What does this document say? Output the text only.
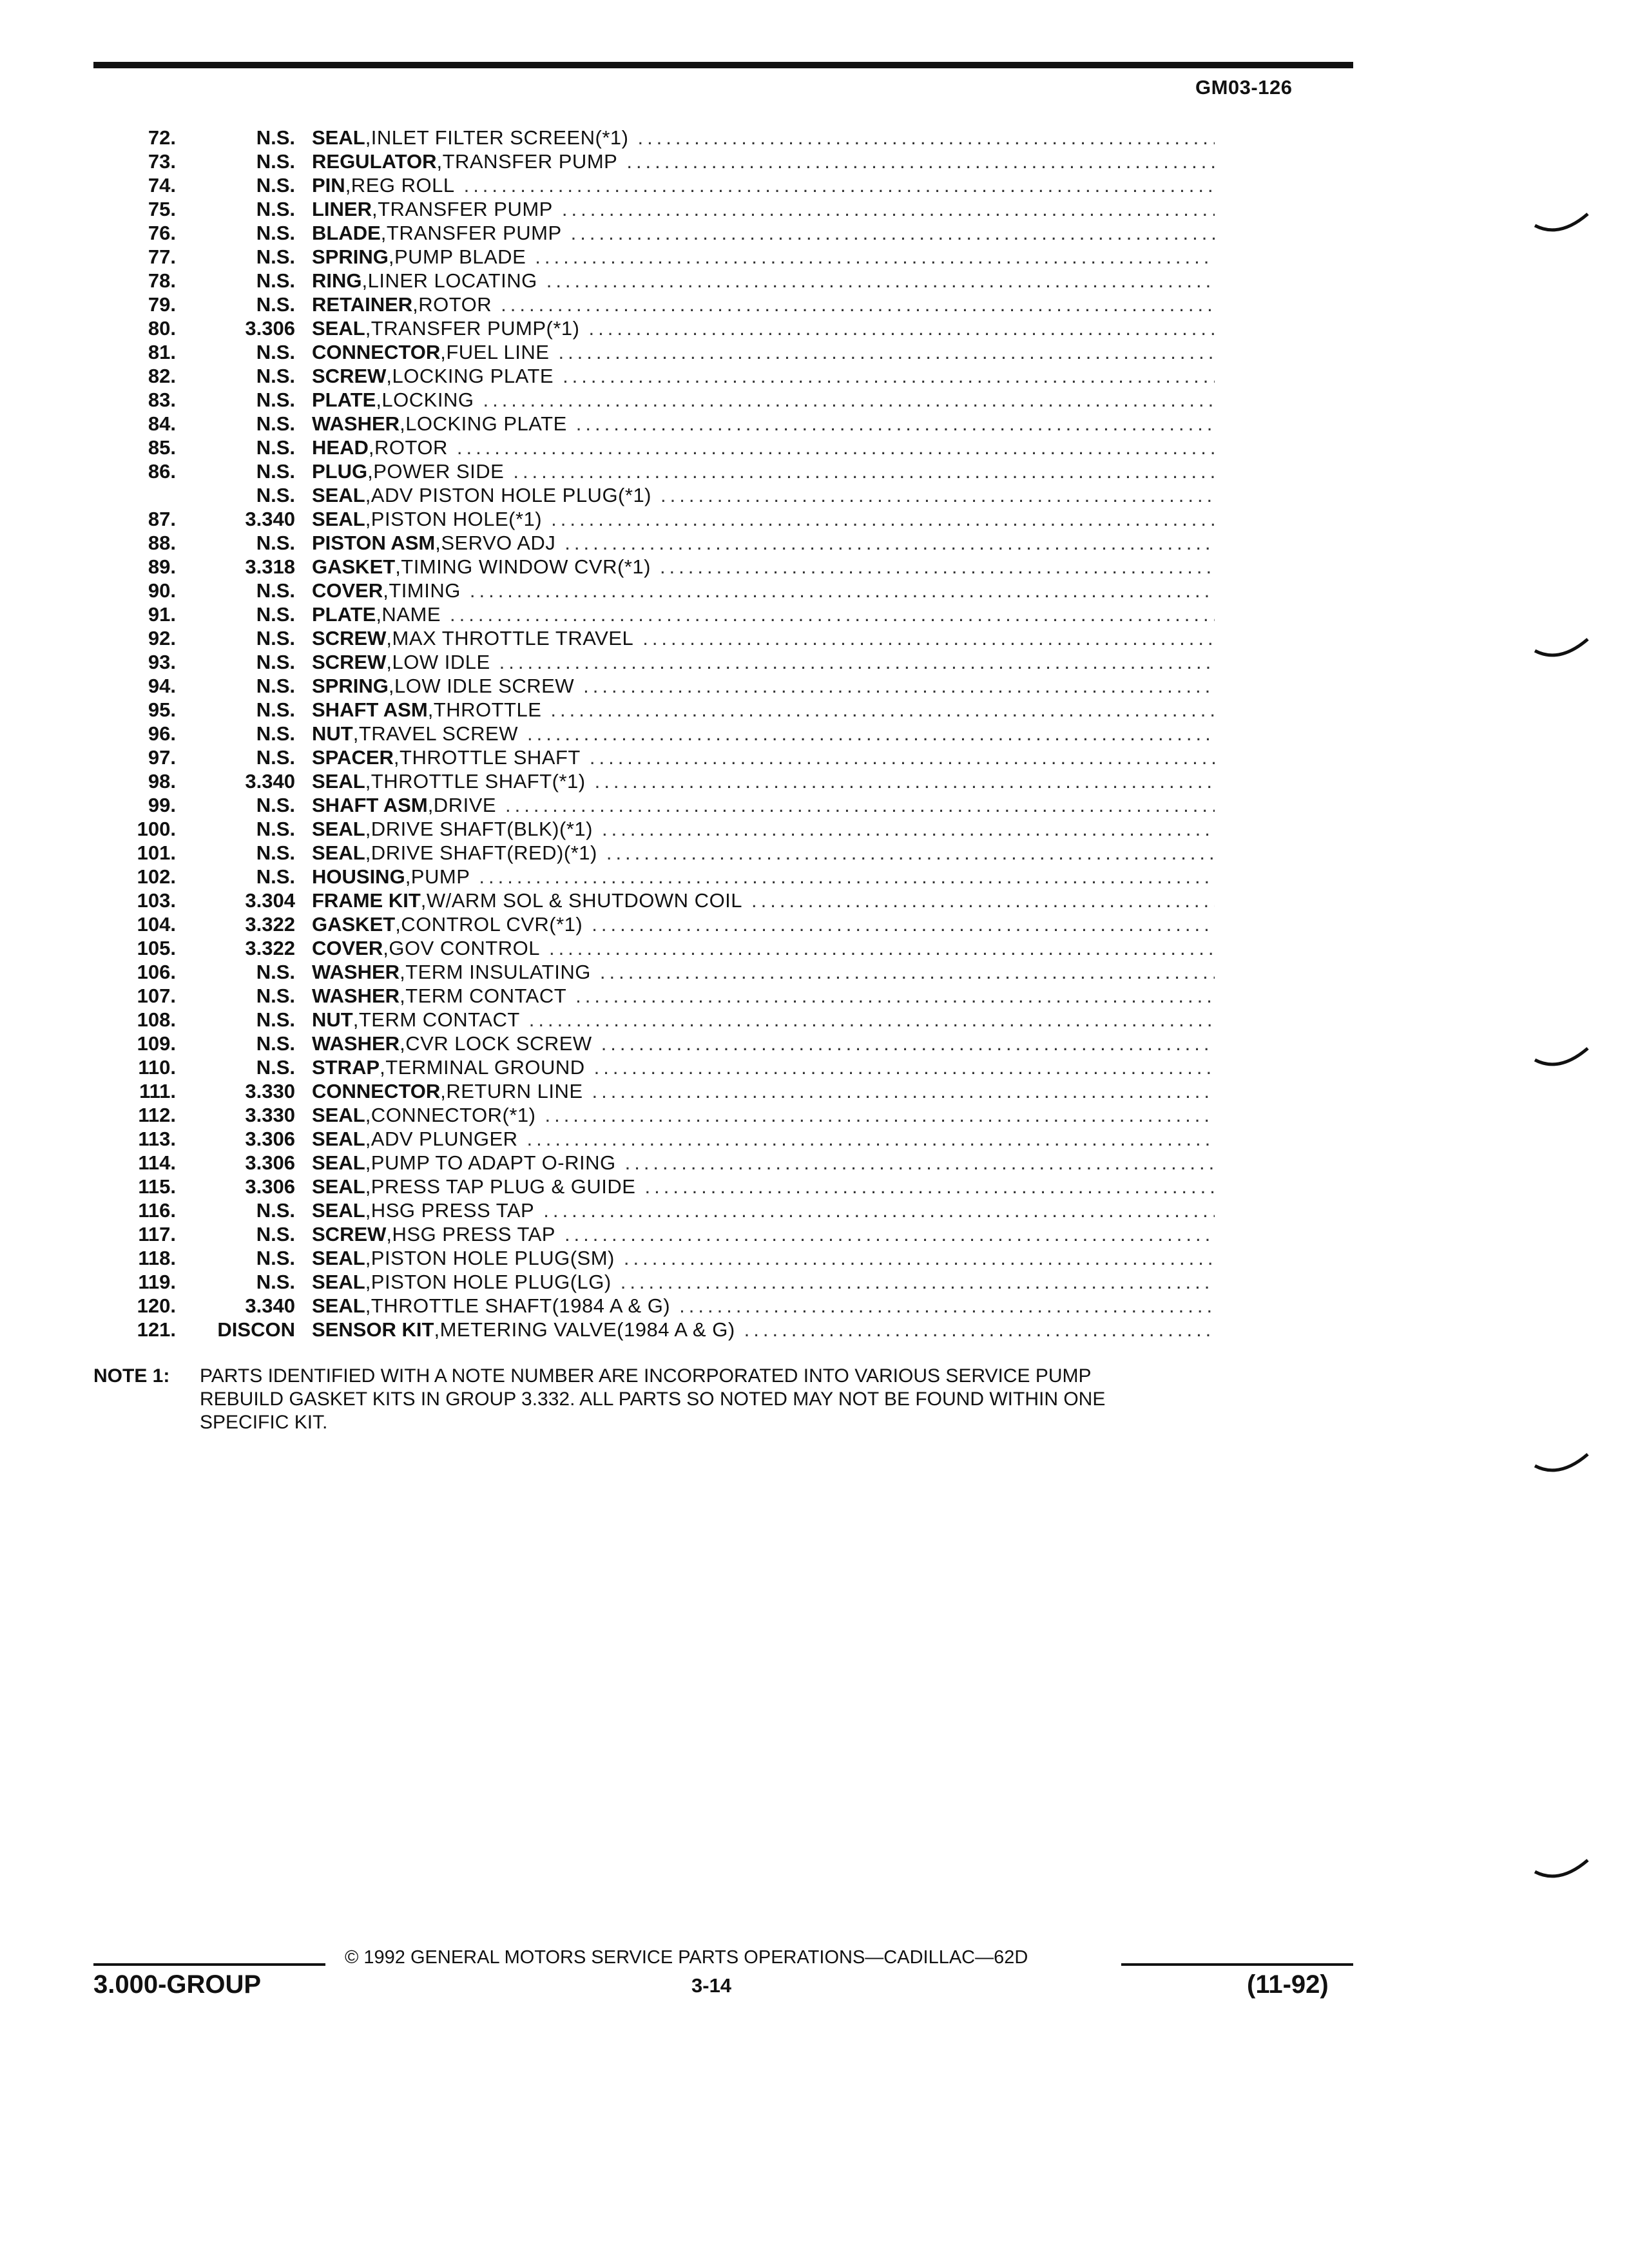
GM03-126
72.	N.S. SEAL ,INLET FILTER SCREEN(*1)
.....
73.	N.S. REGULATOR ,TRANSFER PUMP
.....
74.	N.S. PIN ,REG ROLL
.....
75.	N.S. LINER ,TRANSFER PUMP
.....
76.	N.S. BLADE ,TRANSFER PUMP
.....
77.	N.S. SPRING ,PUMP BLADE
.....
78.	N.S. RING ,LINER LOCATING
.....
79.	N.S. RETAINER ,ROTOR
.....
80.	3.306 SEAL ,TRANSFER PUMP(*1)
.....
81.	N.S. CONNECTOR ,FUEL LINE
.....
82.	N.S. SCREW ,LOCKING PLATE
.....
83.	N.S. PLATE ,LOCKING
.....
84.	N.S. WASHER ,LOCKING PLATE
.....
85.	N.S. HEAD ,ROTOR
.....
86.	N.S. PLUG ,POWER SIDE
.....
N.S. SEAL ,ADV PISTON HOLE PLUG(*1)
.....
87.	3.340 SEAL ,PISTON HOLE(*1)
.....
88.	N.S. PISTON ASM ,SERVO ADJ
.....
89.	3.318 GASKET ,TIMING WINDOW CVR(*1)
.....
90.	N.S. COVER ,TIMING
.....
91.	N.S. PLATE ,NAME
.....
92.	N.S. SCREW ,MAX THROTTLE TRAVEL
.....
93.	N.S. SCREW ,LOW IDLE
.....
94.	N.S. SPRING ,LOW IDLE SCREW
.....
95.	N.S. SHAFT ASM ,THROTTLE
.....
96.	N.S. NUT ,TRAVEL SCREW
.....
97.	N.S. SPACER ,THROTTLE SHAFT
.....
98.	3.340 SEAL ,THROTTLE SHAFT(*1)
.....
99.	N.S. SHAFT ASM ,DRIVE
.....
100.	N.S. SEAL ,DRIVE SHAFT(BLK)(*1)
.....
101.	N.S. SEAL ,DRIVE SHAFT(RED)(*1)
.....
102.	N.S. HOUSING ,PUMP
.....
103.	3.304 FRAME KIT ,W/ARM SOL & SHUTDOWN COIL
.....
104.	3.322 GASKET ,CONTROL CVR(*1)
.....
105.	3.322 COVER ,GOV CONTROL
.....
106.	N.S. WASHER ,TERM INSULATING
.....
107.	N.S. WASHER ,TERM CONTACT
.....
108.	N.S. NUT ,TERM CONTACT
.....
109.	N.S. WASHER ,CVR LOCK SCREW
.....
110.	N.S. STRAP ,TERMINAL GROUND
.....
111.	3.330 CONNECTOR ,RETURN LINE
.....
112.	3.330 SEAL ,CONNECTOR(*1)
.....
113.	3.306 SEAL ,ADV PLUNGER
.....
114.	3.306 SEAL ,PUMP TO ADAPT O-RING
.....
115.	3.306 SEAL ,PRESS TAP PLUG & GUIDE
.....
116.	N.S. SEAL ,HSG PRESS TAP
.....
117.	N.S. SCREW ,HSG PRESS TAP
.....
118.	N.S. SEAL ,PISTON HOLE PLUG(SM)
.....
119.	N.S. SEAL ,PISTON HOLE PLUG(LG)
.....
120.	3.340 SEAL ,THROTTLE SHAFT(1984 A & G)
.....
121.	DISCON SENSOR KIT ,METERING VALVE(1984 A & G)
.....
NOTE 1:	PARTS IDENTIFIED WITH A NOTE NUMBER ARE INCORPORATED INTO VARIOUS SERVICE PUMP
REBUILD GASKET KITS IN GROUP 3.332. ALL PARTS SO NOTED MAY NOT BE FOUND WITHIN ONE
SPECIFIC KIT.
© 1992 GENERAL MOTORS SERVICE PARTS OPERATIONS—CADILLAC—62D
3.000-GROUP	3-14	(11-92)
